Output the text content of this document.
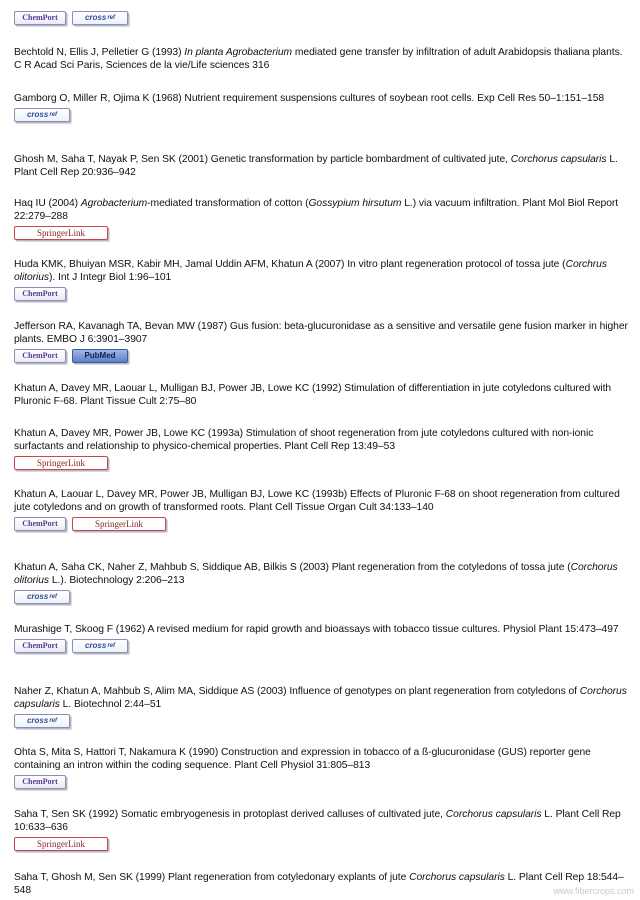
ChemPort	cross ref

Bechtold N, Ellis J, Pelletier G (1993) In planta Agrobacterium mediated gene transfer by infiltration of adult Arabidopsis thaliana plants. C R Acad Sci Paris, Sciences de la vie/Life sciences 316

Gamborg O, Miller R, Ojima K (1968) Nutrient requirement suspensions cultures of soybean root cells. Exp Cell Res 50–1:151–158

cross ref

Ghosh M, Saha T, Nayak P, Sen SK (2001) Genetic transformation by particle bombardment of cultivated jute, Corchorus capsularis L. Plant Cell Rep 20:936–942

Haq IU (2004) Agrobacterium-mediated transformation of cotton (Gossypium hirsutum L.) via vacuum infiltration. Plant Mol Biol Report 22:279–288

SpringerLink

Huda KMK, Bhuiyan MSR, Kabir MH, Jamal Uddin AFM, Khatun A (2007) In vitro plant regeneration protocol of tossa jute (Corchrus olitorius). Int J Integr Biol 1:96–101

ChemPort

Jefferson RA, Kavanagh TA, Bevan MW (1987) Gus fusion: beta-glucuronidase as a sensitive and versatile gene fusion marker in higher plants. EMBO J 6:3901–3907

ChemPort	PubMed

Khatun A, Davey MR, Laouar L, Mulligan BJ, Power JB, Lowe KC (1992) Stimulation of differentiation in jute cotyledons cultured with Pluronic F-68. Plant Tissue Cult 2:75–80

Khatun A, Davey MR, Power JB, Lowe KC (1993a) Stimulation of shoot regeneration from jute cotyledons cultured with non-ionic surfactants and relationship to physico-chemical properties. Plant Cell Rep 13:49–53

SpringerLink

Khatun A, Laouar L, Davey MR, Power JB, Mulligan BJ, Lowe KC (1993b) Effects of Pluronic F-68 on shoot regeneration from cultured jute cotyledons and on growth of transformed roots. Plant Cell Tissue Organ Cult 34:133–140

ChemPort	SpringerLink

Khatun A, Saha CK, Naher Z, Mahbub S, Siddique AB, Bilkis S (2003) Plant regeneration from the cotyledons of tossa jute (Corchorus olitorius L.). Biotechnology 2:206–213

cross ref

Murashige T, Skoog F (1962) A revised medium for rapid growth and bioassays with tobacco tissue cultures. Physiol Plant 15:473–497

ChemPort	cross ref

Naher Z, Khatun A, Mahbub S, Alim MA, Siddique AS (2003) Influence of genotypes on plant regeneration from cotyledons of Corchorus capsularis L. Biotechnol 2:44–51

cross ref

Ohta S, Mita S, Hattori T, Nakamura K (1990) Construction and expression in tobacco of a ß-glucuronidase (GUS) reporter gene containing an intron within the coding sequence. Plant Cell Physiol 31:805–813

ChemPort

Saha T, Sen SK (1992) Somatic embryogenesis in protoplast derived calluses of cultivated jute, Corchorus capsularis L. Plant Cell Rep 10:633–636

SpringerLink

Saha T, Ghosh M, Sen SK (1999) Plant regeneration from cotyledonary explants of jute Corchorus capsularis L. Plant Cell Rep 18:544–548	www.fibercrops.com
